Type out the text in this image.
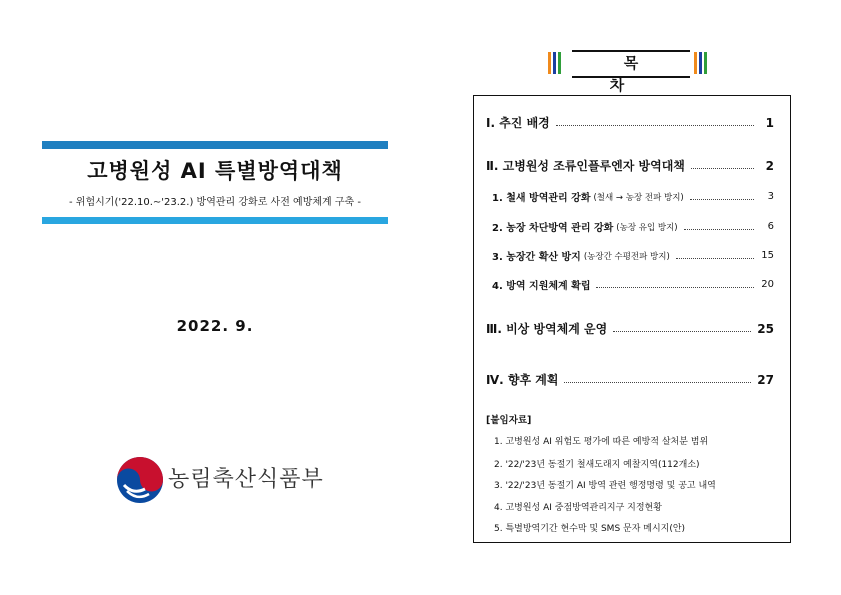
고병원성 AI 특별방역대책
- 위험시기('22.10.∼'23.2.) 방역관리 강화로 사전 예방체계 구축 -
2022. 9.
농림축산식품부
목 차
Ⅰ. 추진 배경	1
Ⅱ. 고병원성 조류인플루엔자 방역대책	2
1. 철새 방역관리 강화 (철새 → 농장 전파 방지)	3
2. 농장 차단방역 관리 강화 (농장 유입 방지)	6
3. 농장간 확산 방지 (농장간 수평전파 방지)	15
4. 방역 지원체계 확립	20
Ⅲ. 비상 방역체계 운영	25
Ⅳ. 향후 계획	27
[붙임자료]
1. 고병원성 AI 위험도 평가에 따른 예방적 살처분 범위
2. '22/'23년 동절기 철새도래지 예찰지역(112개소)
3. '22/'23년 동절기 AI 방역 관련 행정명령 및 공고 내역
4. 고병원성 AI 중점방역관리지구 지정현황
5. 특별방역기간 현수막 및 SMS 문자 메시지(안)
